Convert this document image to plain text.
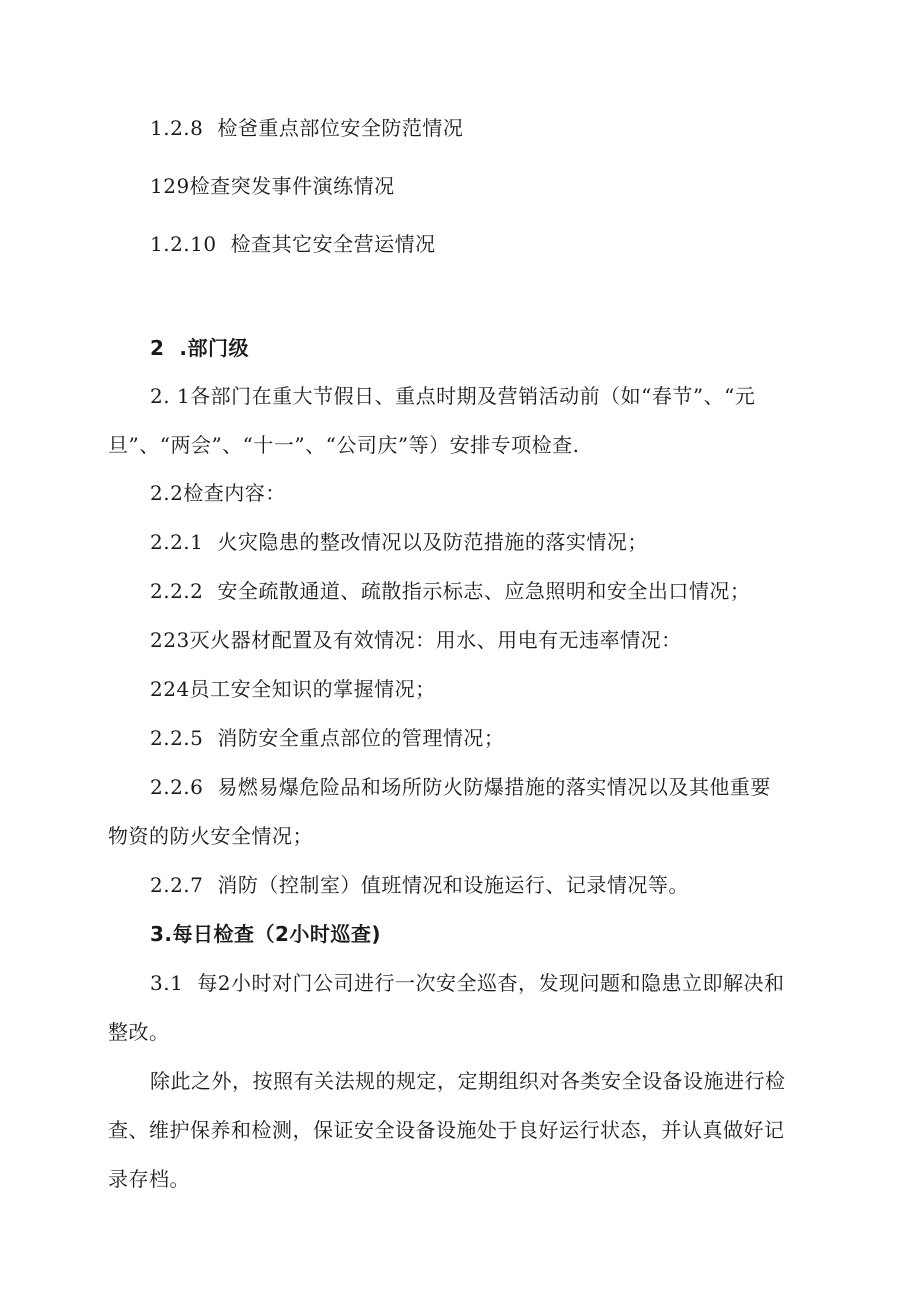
1.2.8 检爸重点部位安全防范情况
129检查突发事件演练情况
1.2.10 检查其它安全营运情况
2  .部门级
2. 1各部门在重大节假日、重点时期及营销活动前（如“春节”、“元
旦”、“两会”、“十一”、“公司庆”等）安排专项检查.
2.2检查内容：
2.2.1 火灾隐患的整改情况以及防范措施的落实情况；
2.2.2 安全疏散通道、疏散指示标志、应急照明和安全出口情况；
223灭火器材配置及有效情况：用水、用电有无违率情况：
224员工安全知识的掌握情况；
2.2.5 消防安全重点部位的管理情况；
2.2.6 易燃易爆危险品和场所防火防爆措施的落实情况以及其他重要
物资的防火安全情况；
2.2.7 消防（控制室）值班情况和设施运行、记录情况等。
3.每日检查（2小时巡查)
3.1 每2小时对门公司进行一次安全巡杳，发现问题和隐患立即解决和
整改。
除此之外，按照有关法规的规定，定期组织对各类安全设备设施进行检
查、维护保养和检测，保证安全设备设施处于良好运行状态，并认真做好记
录存档。
